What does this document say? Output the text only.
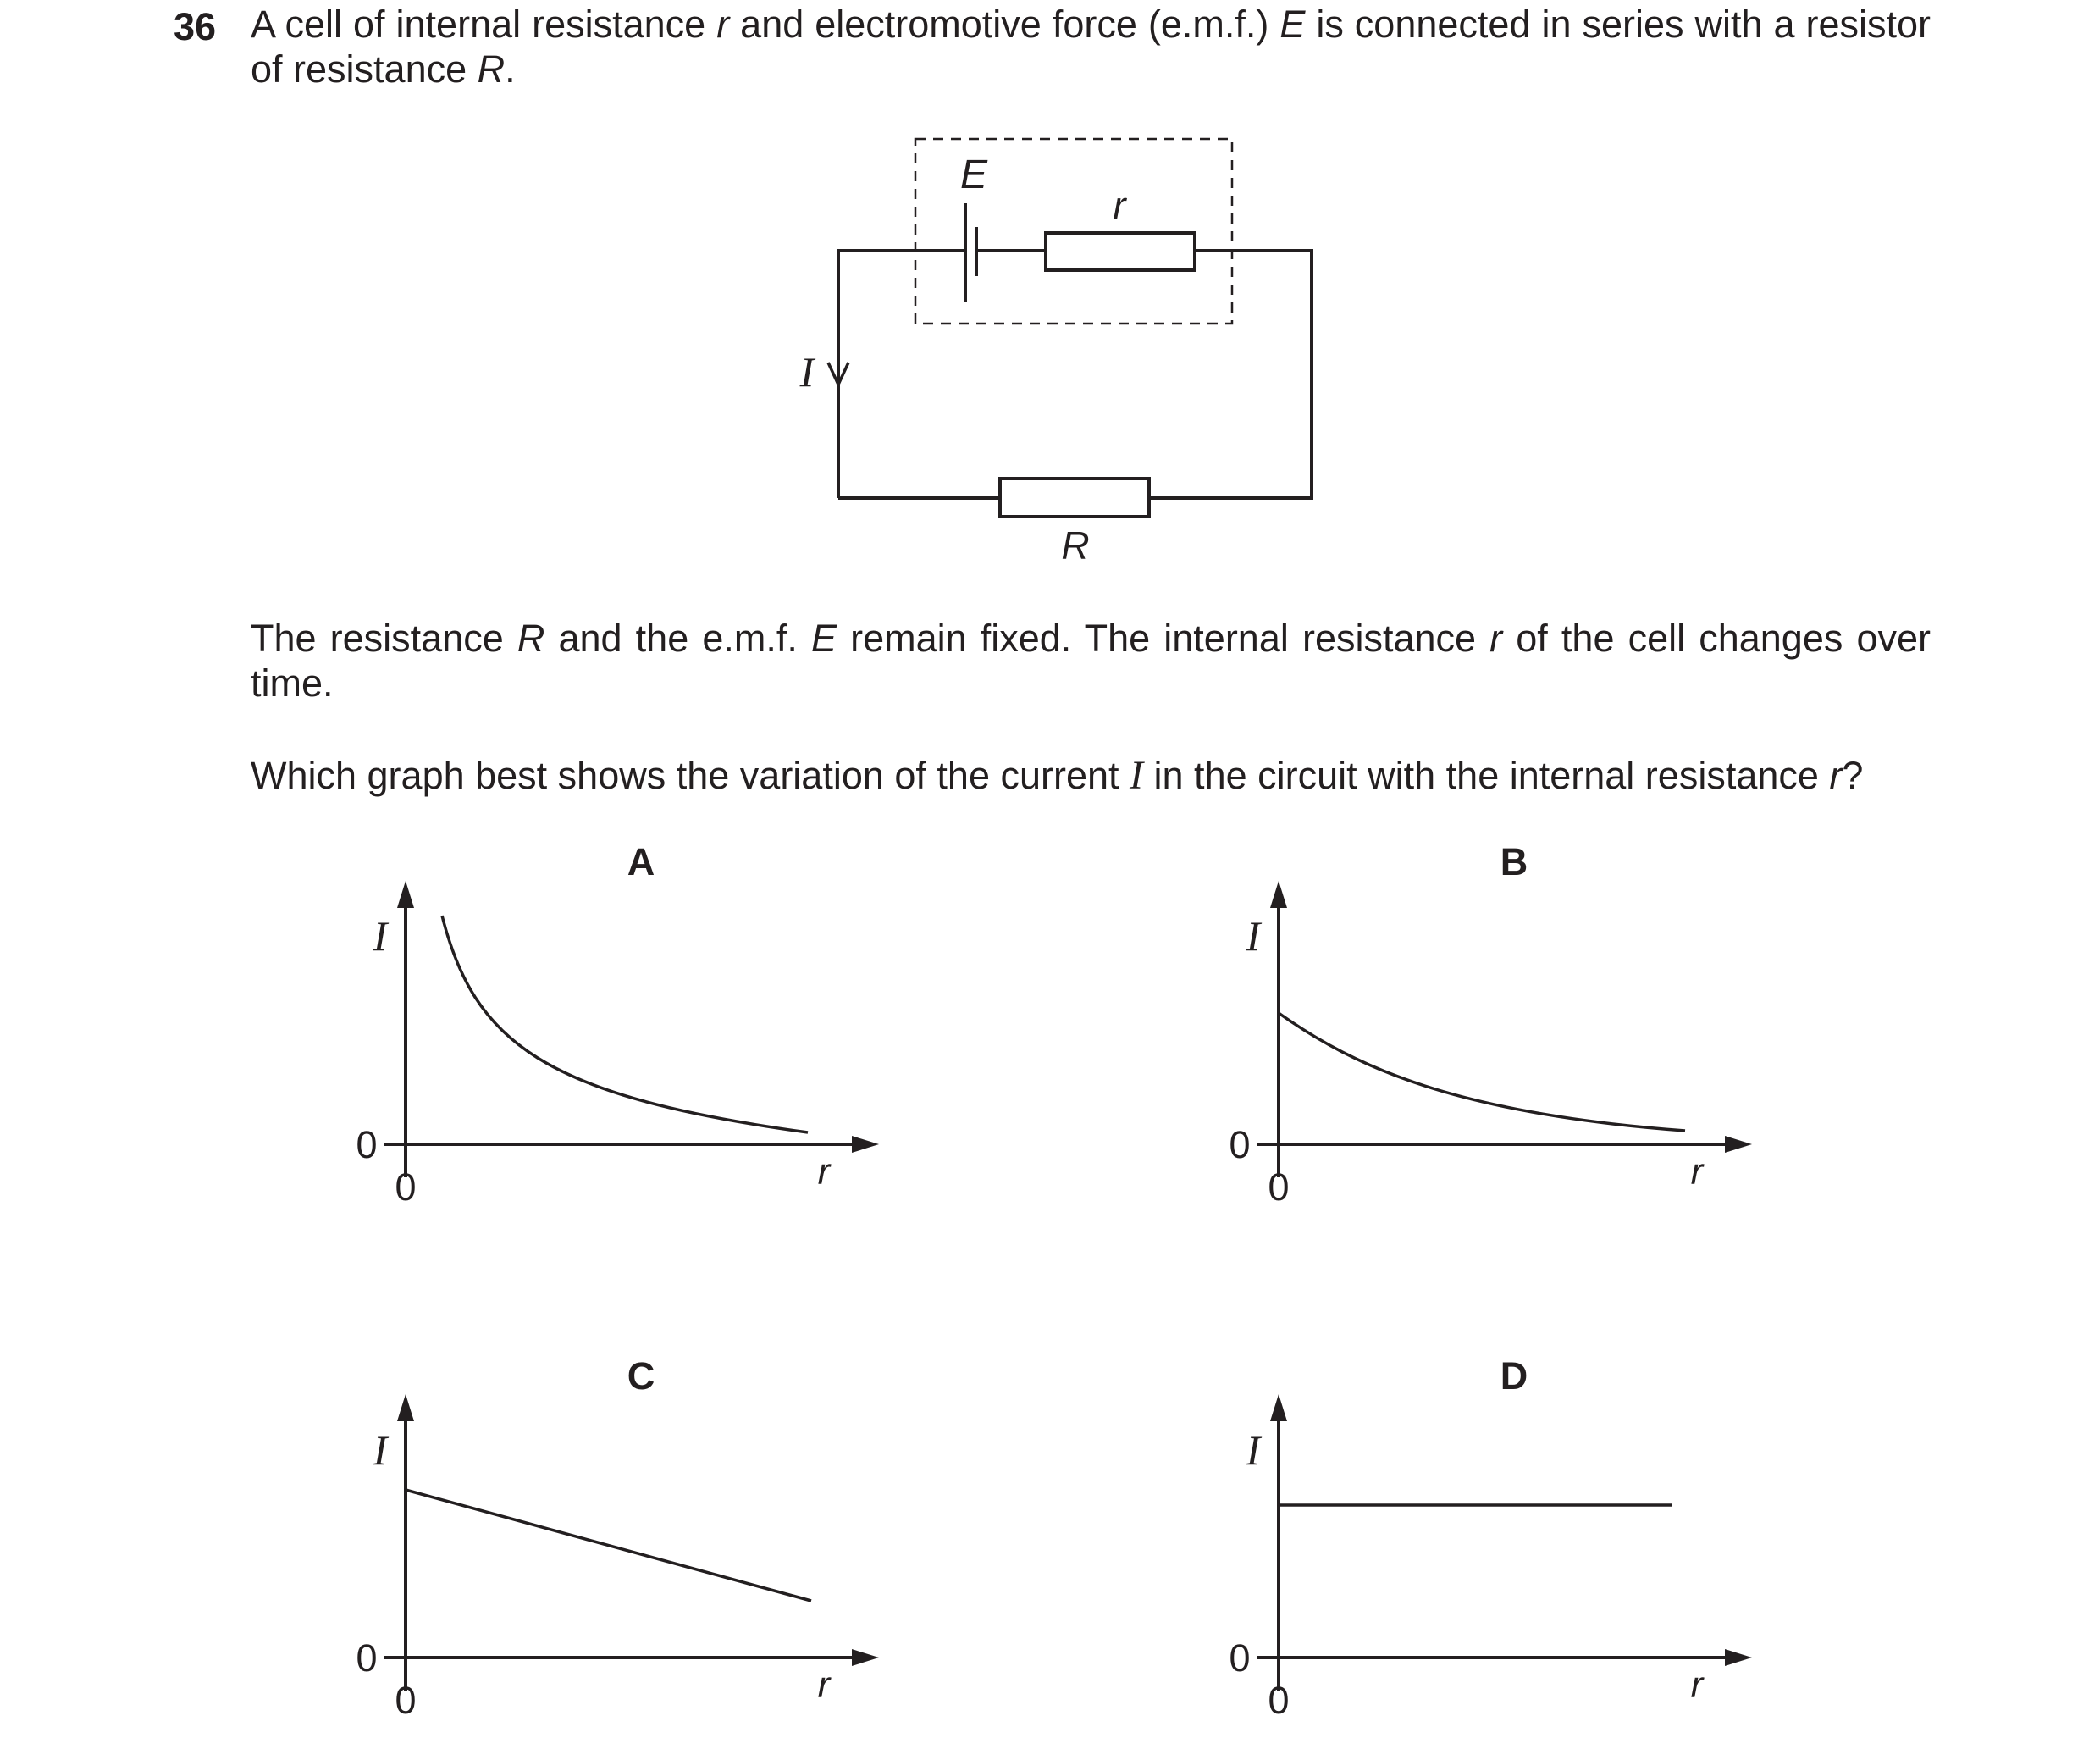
36 A cell of internal resistance r and electromotive force (e.m.f.) E is connected in series with a resistor of resistance R.

E
r
I
R

The resistance R and the e.m.f. E remain fixed. The internal resistance r of the cell changes over time.

Which graph best shows the variation of the current I in the circuit with the internal resistance r?

A
I
0
0	r
B
I
0
0	r
C
I
0
0	r
D
I
0
0	r
